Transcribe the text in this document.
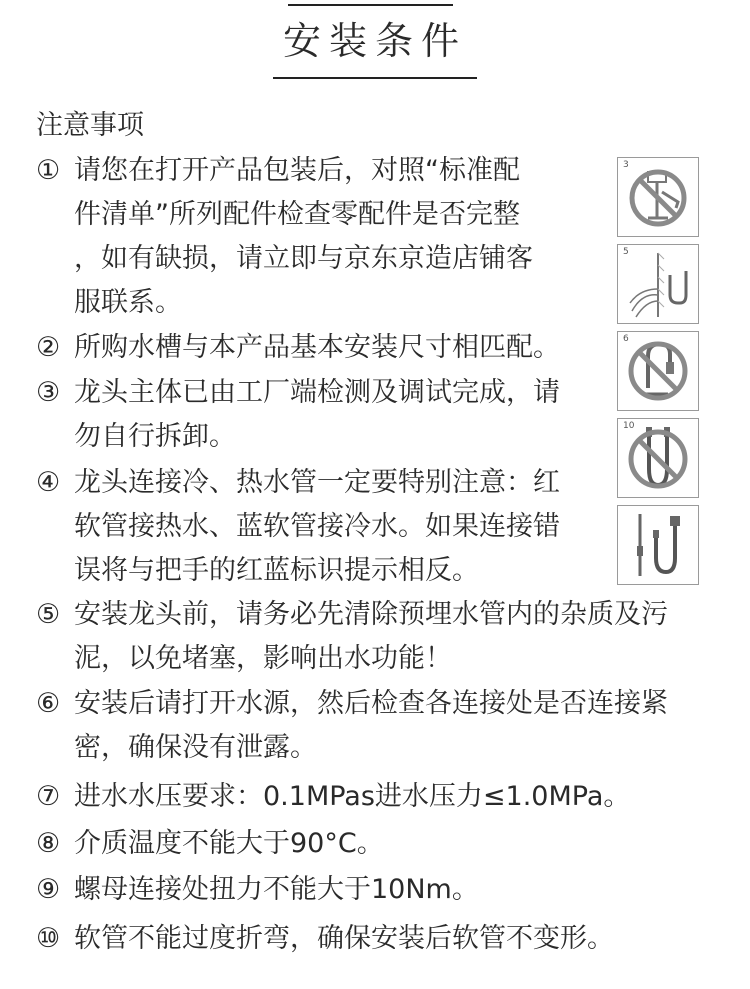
安装条件
注意事项
① 请您在打开产品包装后，对照“标准配
件清单”所列配件检查零配件是否完整
，如有缺损，请立即与京东京造店铺客
服联系。
② 所购水槽与本产品基本安装尺寸相匹配。
③ 龙头主体已由工厂端检测及调试完成，请
勿自行拆卸。
④ 龙头连接冷、热水管一定要特别注意：红
软管接热水、蓝软管接冷水。如果连接错
误将与把手的红蓝标识提示相反。
⑤ 安装龙头前，请务必先清除预埋水管内的杂质及污
泥，以免堵塞，影响出水功能！
⑥ 安装后请打开水源，然后检查各连接处是否连接紧
密，确保没有泄露。
⑦ 进水水压要求：0.1MPas进水压力≤1.0MPa。
⑧ 介质温度不能大于90°C。
⑨ 螺母连接处扭力不能大于10Nm。
⑩ 软管不能过度折弯，确保安装后软管不变形。
3
5
6
10
